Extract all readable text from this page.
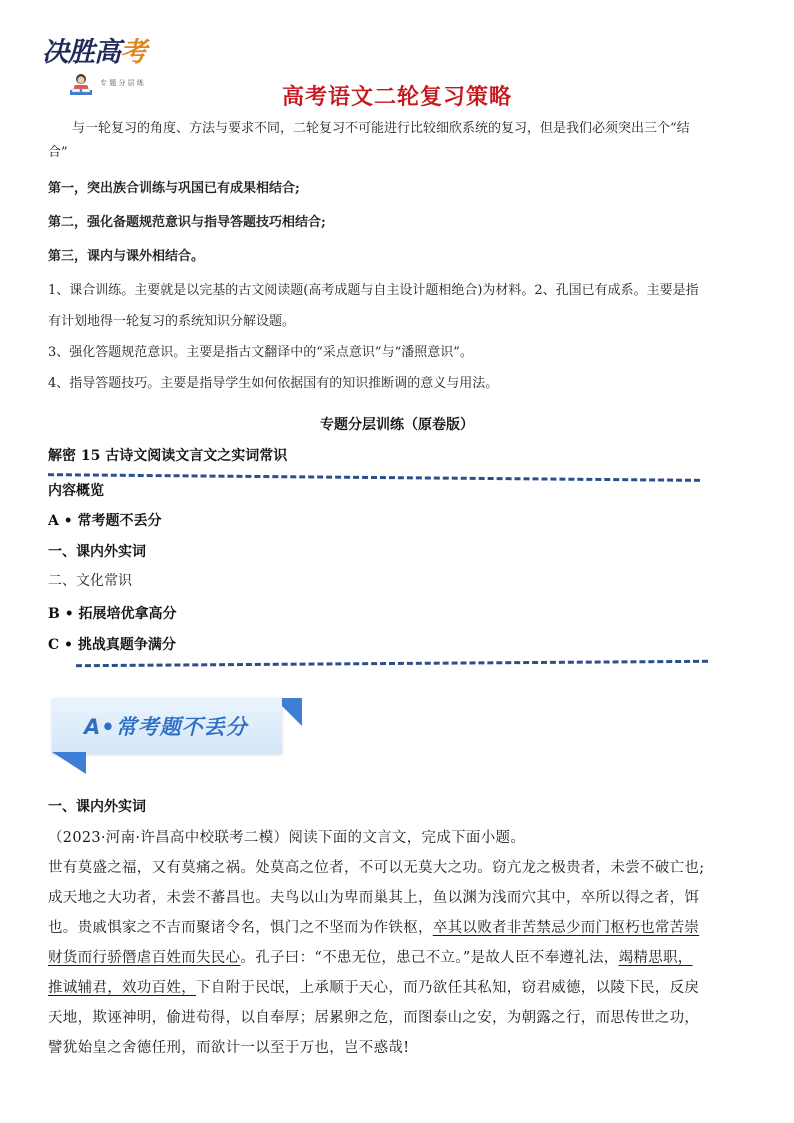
决胜高考
专 题 分 层 练
高考语文二轮复习策略
与一轮复习的角度、方法与要求不同，二轮复习不可能进行比较细欣系统的复习，但是我们必须突出三个“结
合”
第一，突出族合训练与巩国已有成果相结合;
第二，强化备题规范意识与指导答题技巧相结合;
第三，课内与课外相结合。
1、课合训练。主要就是以完基的古文阅读题(高考成题与自主设计题相绝合)为材料。2、孔国已有成系。主要是指
有计划地得一轮复习的系统知识分解设题。
3、强化答题规范意识。主要是指古文翻译中的“采点意识”与“潘照意识”。
4、指导答题技巧。主要是指导学生如何依据国有的知识推断调的意义与用法。
专题分层训练（原卷版）
解密 15 古诗文阅读文言文之实词常识
内容概览
A • 常考题不丢分
一、课内外实词
二、文化常识
B • 拓展培优拿高分
C • 挑战真题争满分
A•常考题不丢分
一、课内外实词
（2023·河南·许昌高中校联考二模）阅读下面的文言文，完成下面小题。
世有莫盛之福，又有莫痛之祸。处莫高之位者，不可以无莫大之功。窃亢龙之极贵者，未尝不破亡也;
成天地之大功者，未尝不蕃昌也。夫鸟以山为卑而巢其上，鱼以渊为浅而穴其中，卒所以得之者，饵
也。贵戚惧家之不吉而聚诸令名，惧门之不坚而为作铁枢，卒其以败者非苦禁忌少而门枢朽也常苦崇
财货而行骄僭虐百姓而失民心。孔子曰：“不患无位，患己不立。”是故人臣不奉遵礼法，竭精思职，
推诚辅君，效功百姓，下自附于民氓，上承顺于天心，而乃欲任其私知，窃君威德，以陵下民，反戾
天地，欺诬神明，偷进苟得，以自奉厚；居累卵之危，而图泰山之安，为朝露之行，而思传世之功，
譬犹始皇之舍德任刑，而欲计一以至于万也，岂不惑哉!
